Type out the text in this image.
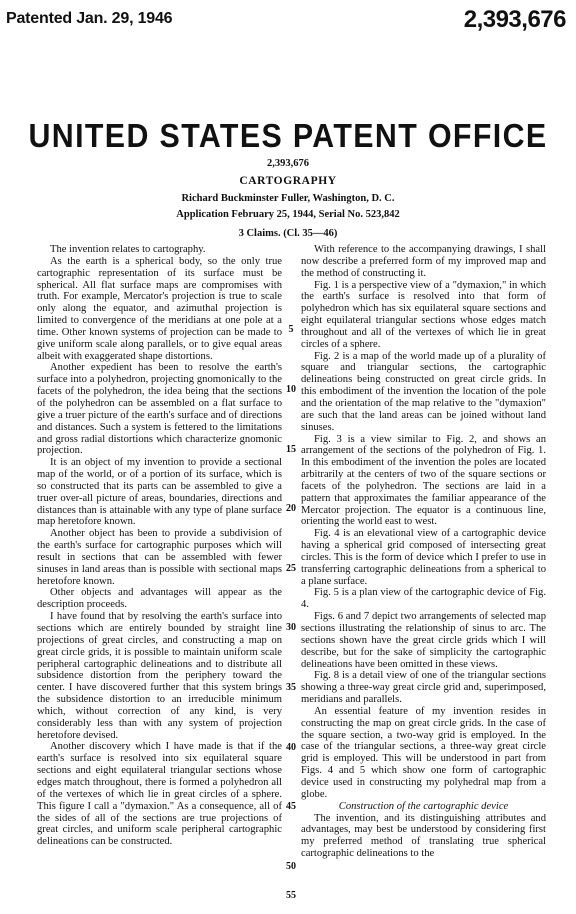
Patented Jan. 29, 1946	2,393,676
UNITED STATES PATENT OFFICE
2,393,676
CARTOGRAPHY
Richard Buckminster Fuller, Washington, D. C.
Application February 25, 1944, Serial No. 523,842
3 Claims. (Cl. 35—46)

The invention relates to cartography.

As the earth is a spherical body, so the only true cartographic representation of its surface must be spherical. All flat surface maps are compromises with truth. For example, Mercator's projection is true to scale only along the equator, and azimuthal projection is limited to convergence of the meridians at one pole at a time. Other known systems of projection can be made to give uniform scale along parallels, or to give equal areas albeit with exaggerated shape distortions.

Another expedient has been to resolve the earth's surface into a polyhedron, projecting gnomonically to the facets of the polyhedron, the idea being that the sections of the polyhedron can be assembled on a flat surface to give a truer picture of the earth's surface and of directions and distances. Such a system is fettered to the limitations and gross radial distortions which characterize gnomonic projection.

It is an object of my invention to provide a sectional map of the world, or of a portion of its surface, which is so constructed that its parts can be assembled to give a truer over-all picture of areas, boundaries, directions and distances than is attainable with any type of plane surface map heretofore known.

Another object has been to provide a subdivision of the earth's surface for cartographic purposes which will result in sections that can be assembled with fewer sinuses in land areas than is possible with sectional maps heretofore known.

Other objects and advantages will appear as the description proceeds.

I have found that by resolving the earth's surface into sections which are entirely bounded by straight line projections of great circles, and constructing a map on great circle grids, it is possible to maintain uniform scale peripheral cartographic delineations and to distribute all subsidence distortion from the periphery toward the center. I have discovered further that this system brings the subsidence distortion to an irreducible minimum which, without correction of any kind, is very considerably less than with any system of projection heretofore devised.

Another discovery which I have made is that if the earth's surface is resolved into six equilateral square sections and eight equilateral triangular sections whose edges match throughout, there is formed a polyhedron all of the vertexes of which lie in great circles of a sphere. This figure I call a "dymaxion." As a consequence, all of the sides of all of the sections are true projections of great circles, and uniform scale peripheral cartographic delineations can be constructed.

With reference to the accompanying drawings, I shall now describe a preferred form of my improved map and the method of constructing it.

Fig. 1 is a perspective view of a "dymaxion," in which the earth's surface is resolved into that form of polyhedron which has six equilateral square sections and eight equilateral triangular sections whose edges match throughout and all of the vertexes of which lie in great circles of a sphere.

Fig. 2 is a map of the world made up of a plurality of square and triangular sections, the cartographic delineations being constructed on great circle grids. In this embodiment of the invention the location of the pole and the orientation of the map relative to the "dymaxion" are such that the land areas can be joined without land sinuses.

Fig. 3 is a view similar to Fig. 2, and shows an arrangement of the sections of the polyhedron of Fig. 1. In this embodiment of the invention the poles are located arbitrarily at the centers of two of the square sections or facets of the polyhedron. The sections are laid in a pattern that approximates the familiar appearance of the Mercator projection. The equator is a continuous line, orienting the world east to west.

Fig. 4 is an elevational view of a cartographic device having a spherical grid composed of intersecting great circles. This is the form of device which I prefer to use in transferring cartographic delineations from a spherical to a plane surface.

Fig. 5 is a plan view of the cartographic device of Fig. 4.

Figs. 6 and 7 depict two arrangements of selected map sections illustrating the relationship of sinus to arc. The sections shown have the great circle grids which I will describe, but for the sake of simplicity the cartographic delineations have been omitted in these views.

Fig. 8 is a detail view of one of the triangular sections showing a three-way great circle grid and, superimposed, meridians and parallels.

An essential feature of my invention resides in constructing the map on great circle grids. In the case of the square section, a two-way grid is employed. In the case of the triangular sections, a three-way great circle grid is employed. This will be understood in part from Figs. 4 and 5 which show one form of cartographic device used in constructing my polyhedral map from a globe.

Construction of the cartographic device

The invention, and its distinguishing attributes and advantages, may best be understood by considering first my preferred method of translating true spherical cartographic delineations to the

5
10
15
20
25
30
35
40
45
50
55
